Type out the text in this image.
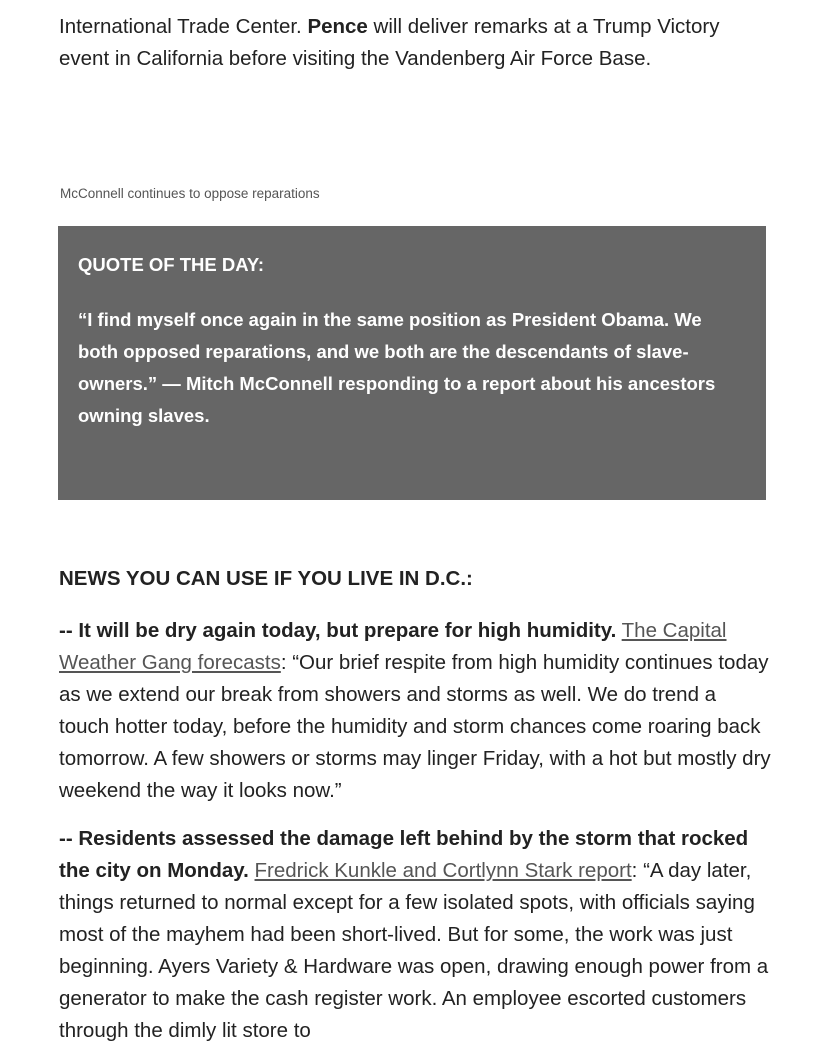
International Trade Center. Pence will deliver remarks at a Trump Victory event in California before visiting the Vandenberg Air Force Base.

McConnell continues to oppose reparations

QUOTE OF THE DAY:

“I find myself once again in the same position as President Obama. We both opposed reparations, and we both are the descendants of slave-owners.” — Mitch McConnell responding to a report about his ancestors owning slaves.

NEWS YOU CAN USE IF YOU LIVE IN D.C.:

-- It will be dry again today, but prepare for high humidity. The Capital Weather Gang forecasts: “Our brief respite from high humidity continues today as we extend our break from showers and storms as well. We do trend a touch hotter today, before the humidity and storm chances come roaring back tomorrow. A few showers or storms may linger Friday, with a hot but mostly dry weekend the way it looks now.”

-- Residents assessed the damage left behind by the storm that rocked the city on Monday. Fredrick Kunkle and Cortlynn Stark report: “A day later, things returned to normal except for a few isolated spots, with officials saying most of the mayhem had been short-lived. But for some, the work was just beginning. Ayers Variety & Hardware was open, drawing enough power from a generator to make the cash register work. An employee escorted customers through the dimly lit store to
